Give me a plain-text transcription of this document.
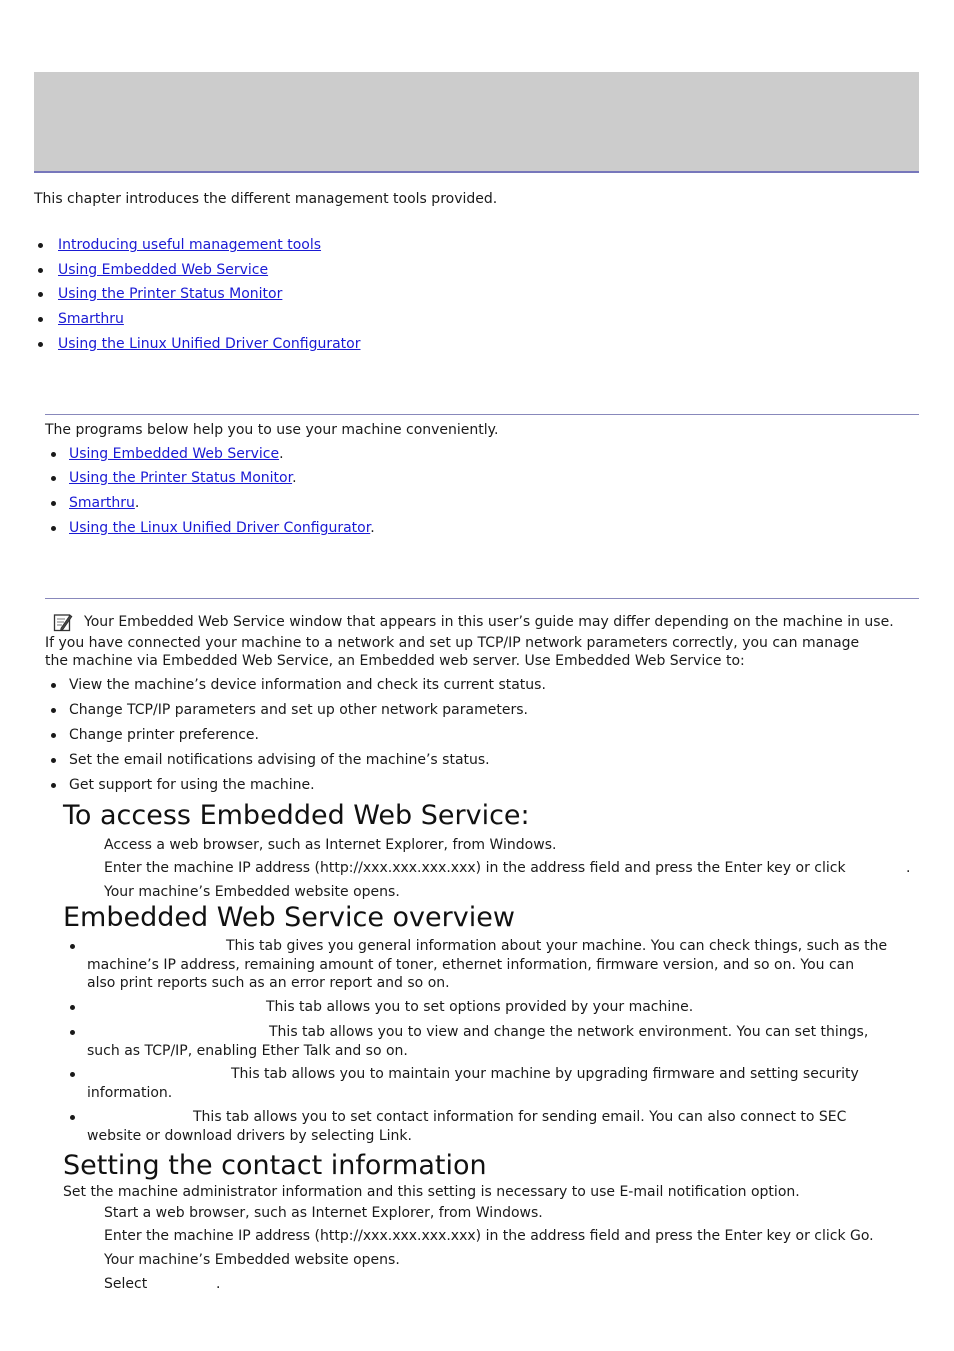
This chapter introduces the different management tools provided.
Introducing useful management tools
Using Embedded Web Service
Using the Printer Status Monitor
Smarthru
Using the Linux Unified Driver Configurator
The programs below help you to use your machine conveniently.
Using Embedded Web Service.
Using the Printer Status Monitor.
Smarthru.
Using the Linux Unified Driver Configurator.
Your Embedded Web Service window that appears in this user’s guide may differ depending on the machine in use.
If you have connected your machine to a network and set up TCP/IP network parameters correctly, you can manage
the machine via Embedded Web Service, an Embedded web server. Use Embedded Web Service to:
View the machine’s device information and check its current status.
Change TCP/IP parameters and set up other network parameters.
Change printer preference.
Set the email notifications advising of the machine’s status.
Get support for using the machine.
To access Embedded Web Service:
Access a web browser, such as Internet Explorer, from Windows.
Enter the machine IP address (http://xxx.xxx.xxx.xxx) in the address field and press the Enter key or click	.
Your machine’s Embedded website opens.
Embedded Web Service overview
This tab gives you general information about your machine. You can check things, such as the
machine’s IP address, remaining amount of toner, ethernet information, firmware version, and so on. You can
also print reports such as an error report and so on.
This tab allows you to set options provided by your machine.
This tab allows you to view and change the network environment. You can set things,
such as TCP/IP, enabling Ether Talk and so on.
This tab allows you to maintain your machine by upgrading firmware and setting security
information.
This tab allows you to set contact information for sending email. You can also connect to SEC
website or download drivers by selecting Link.
Setting the contact information
Set the machine administrator information and this setting is necessary to use E-mail notification option.
Start a web browser, such as Internet Explorer, from Windows.
Enter the machine IP address (http://xxx.xxx.xxx.xxx) in the address field and press the Enter key or click Go.
Your machine’s Embedded website opens.
Select	.
